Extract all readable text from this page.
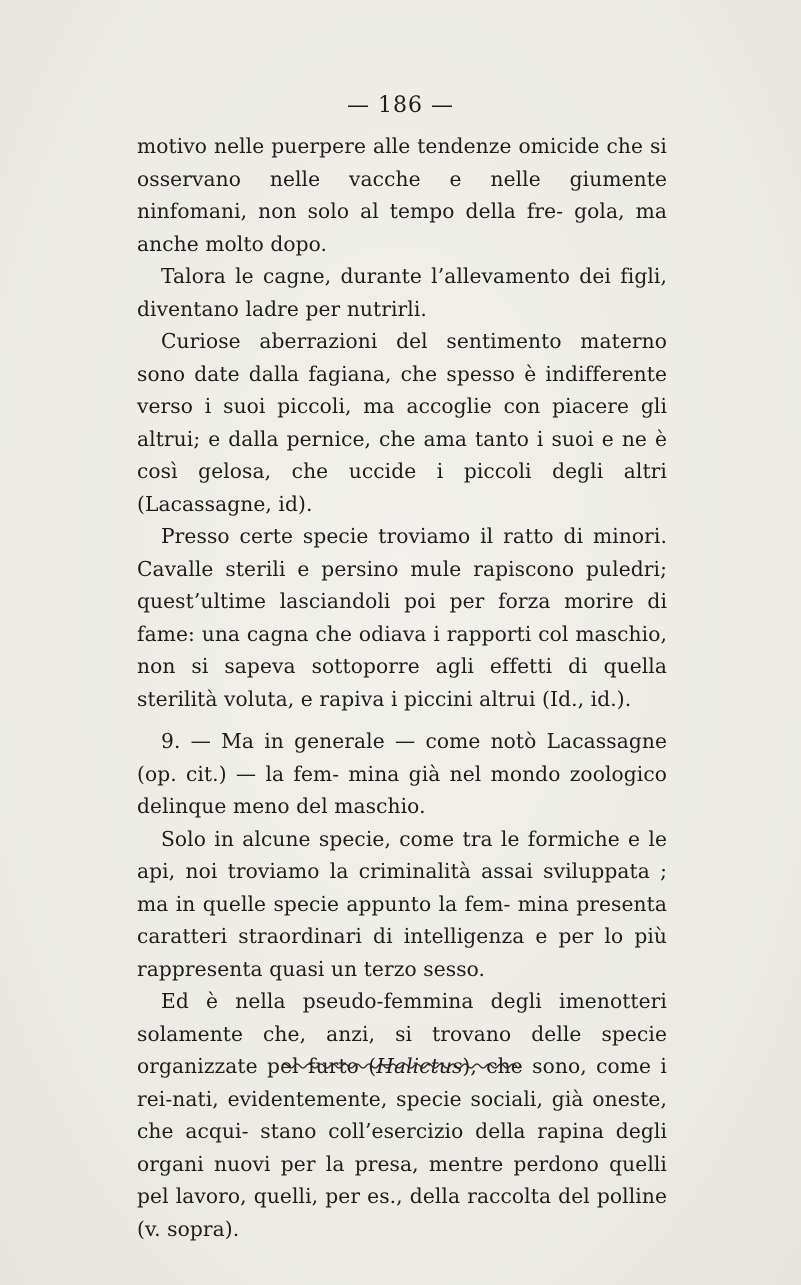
— 186 —

motivo nelle puerpere alle tendenze omicide che si osservano nelle vacche e nelle giumente ninfomani, non solo al tempo della fre- gola, ma anche molto dopo.

Talora le cagne, durante l’allevamento dei figli, diventano ladre per nutrirli.

Curiose aberrazioni del sentimento materno sono date dalla fagiana, che spesso è indifferente verso i suoi piccoli, ma accoglie con piacere gli altrui; e dalla pernice, che ama tanto i suoi e ne è così gelosa, che uccide i piccoli degli altri (Lacassagne, id).

Presso certe specie troviamo il ratto di minori. Cavalle sterili e persino mule rapiscono puledri; quest’ultime lasciandoli poi per forza morire di fame: una cagna che odiava i rapporti col maschio, non si sapeva sottoporre agli effetti di quella sterilità voluta, e rapiva i piccini altrui (Id., id.).

9. — Ma in generale — come notò Lacassagne (op. cit.) — la fem- mina già nel mondo zoologico delinque meno del maschio.

Solo in alcune specie, come tra le formiche e le api, noi troviamo la criminalità assai sviluppata ; ma in quelle specie appunto la fem- mina presenta caratteri straordinari di intelligenza e per lo più rappresenta quasi un terzo sesso.

Ed è nella pseudo-femmina degli imenotteri solamente che, anzi, si trovano delle specie organizzate pel furto (Halictus), che sono, come i rei-nati, evidentemente, specie sociali, già oneste, che acqui- stano coll’esercizio della rapina degli organi nuovi per la presa, mentre perdono quelli pel lavoro, quelli, per es., della raccolta del polline (v. sopra).
